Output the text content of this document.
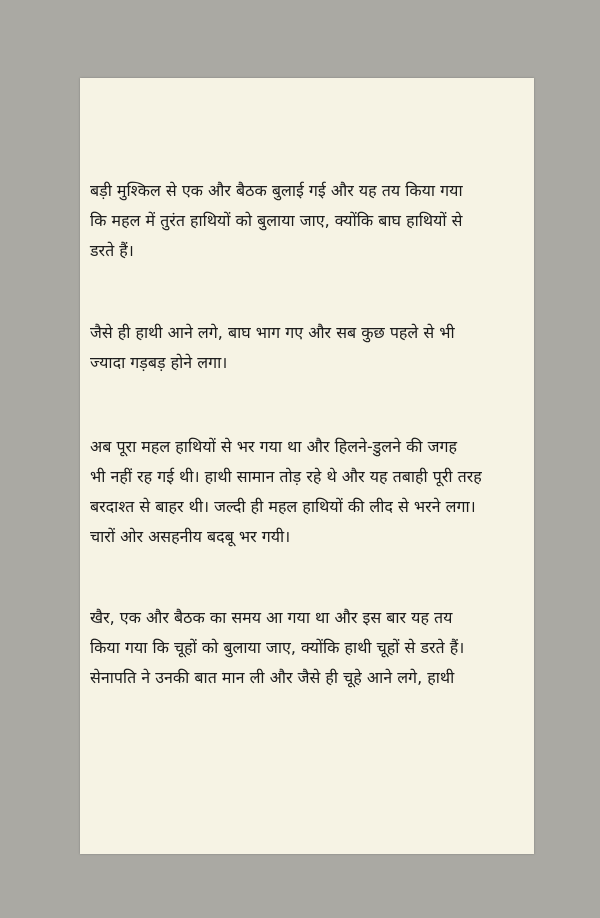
बड़ी मुश्किल से एक और बैठक बुलाई गई और यह तय किया गया
कि महल में तुरंत हाथियों को बुलाया जाए, क्योंकि बाघ हाथियों से
डरते हैं।

जैसे ही हाथी आने लगे, बाघ भाग गए और सब कुछ पहले से भी
ज्यादा गड़बड़ होने लगा।

अब पूरा महल हाथियों से भर गया था और हिलने-डुलने की जगह
भी नहीं रह गई थी। हाथी सामान तोड़ रहे थे और यह तबाही पूरी तरह
बरदाश्त से बाहर थी। जल्दी ही महल हाथियों की लीद से भरने लगा।
चारों ओर असहनीय बदबू भर गयी।

खैर, एक और बैठक का समय आ गया था और इस बार यह तय
किया गया कि चूहों को बुलाया जाए, क्योंकि हाथी चूहों से डरते हैं।
सेनापति ने उनकी बात मान ली और जैसे ही चूहे आने लगे, हाथी
